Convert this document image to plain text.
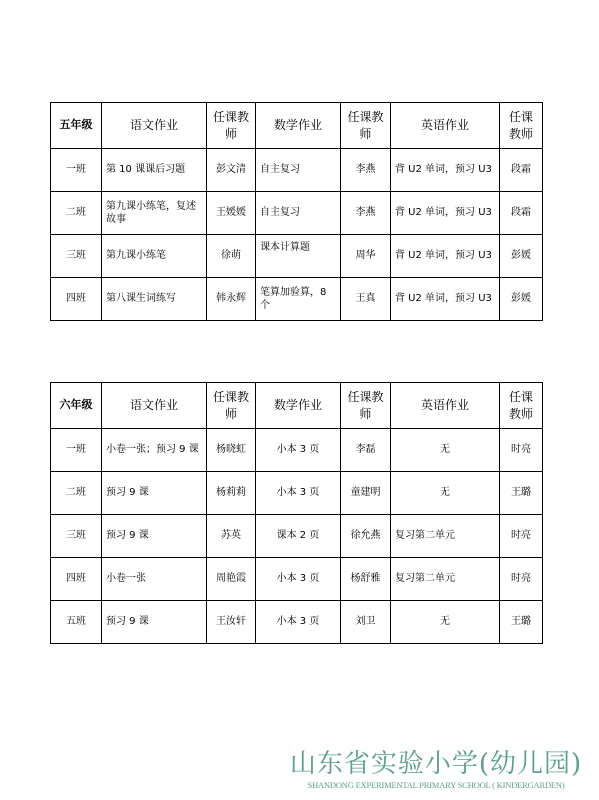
五年级	语文作业	任课教师	数学作业	任课教师	英语作业	任课教师
一班	第 10 课课后习题	彭文清	自主复习	李燕	背 U2 单词，预习 U3	段霜
二班	第九课小练笔，复述故事	王媛媛	自主复习	李燕	背 U2 单词，预习 U3	段霜
三班	第九课小练笔	徐萌	课本计算题	周华	背 U2 单词，预习 U3	彭媛
四班	第八课生词练写	韩永辉	笔算加验算，8 个	王真	背 U2 单词，预习 U3	彭媛
六年级	语文作业	任课教师	数学作业	任课教师	英语作业	任课教师
一班	小卷一张；预习 9 课	杨晓虹	小本 3 页	李磊	无	时亮
二班	预习 9 课	杨莉莉	小本 3 页	童建明	无	王璐
三班	预习 9 课	苏英	课本 2 页	徐允燕	复习第二单元	时亮
四班	小卷一张	周艳霞	小本 3 页	杨舒雅	复习第二单元	时亮
五班	预习 9 课	王汝轩	小本 3 页	刘卫	无	王璐
山东省实验小学(幼儿园)
SHANDONG EXPERIMENTAL PRIMARY SCHOOL ( KINDERGARDEN)
